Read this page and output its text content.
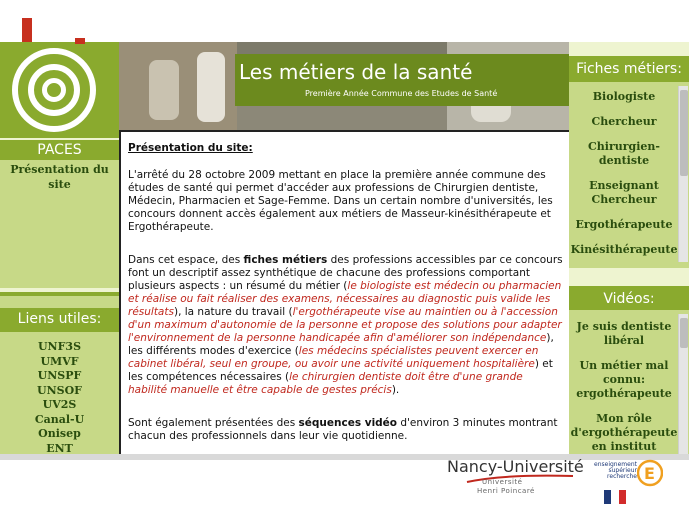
PACES
Présentation du site
Liens utiles:
UNF3S
UMVF
UNSPF
UNSOF
UV2S
Canal-U
Onisep
ENT
Les métiers de la santé
Première Année Commune des Etudes de Santé

Présentation du site:

L'arrêté du 28 octobre 2009 mettant en place la première année commune des études de santé qui permet d'accéder aux professions de Chirurgien dentiste, Médecin, Pharmacien et Sage-Femme. Dans un certain nombre d'universités, les concours donnent accès également aux métiers de Masseur-kinésithérapeute et Ergothérapeute.

Dans cet espace, des fiches métiers des professions accessibles par ce concours font un descriptif assez synthétique de chacune des professions comportant plusieurs aspects : un résumé du métier (le biologiste est médecin ou pharmacien et réalise ou fait réaliser des examens, nécessaires au diagnostic puis valide les résultats), la nature du travail (l'ergothérapeute vise au maintien ou à l'accession d'un maximum d'autonomie de la personne et propose des solutions pour adapter l'environnement de la personne handicapée afin d'améliorer son indépendance), les différents modes d'exercice (les médecins spécialistes peuvent exercer en cabinet libéral, seul en groupe, ou avoir une activité uniquement hospitalière) et les compétences nécessaires (le chirurgien dentiste doit être d'une grande habilité manuelle et être capable de gestes précis).

Sont également présentées des séquences vidéo d'environ 3 minutes montrant chacun des professionnels dans leur vie quotidienne.

Fiches métiers:
Biologiste
Chercheur
Chirurgien-dentiste
Enseignant Chercheur
Ergothérapeute
Kinésithérapeute
Vidéos:
Je suis dentiste libéral
Un métier mal connu: ergothérapeute
Mon rôle d'ergothérapeute en institut
Nancy-Université
Université
Henri Poincaré
enseignement
supérieur
recherche E
